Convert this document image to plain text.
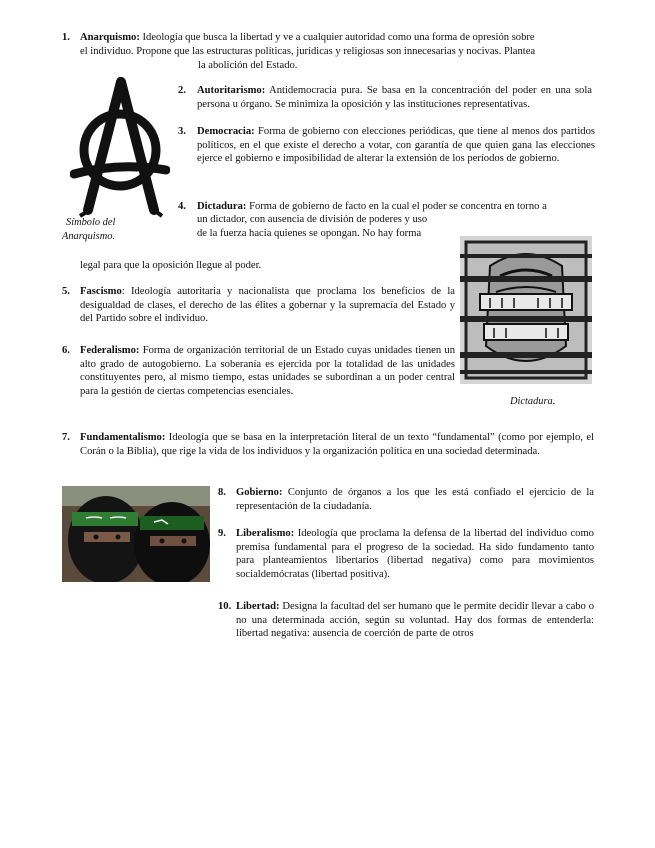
1. Anarquismo: Ideología que busca la libertad y ve a cualquier autoridad como una forma de opresión sobre
el individuo. Propone que las estructuras políticas, jurídicas y religiosas son innecesarias y nocivas. Plantea
la abolición del Estado.
Símbolo del
Anarquismo.
2. Autoritarismo: Antidemocracia pura. Se basa en la concentración del poder en una sola persona u órgano. Se minimiza la oposición y las instituciones representativas.
3. Democracia: Forma de gobierno con elecciones periódicas, que tiene al menos dos partidos políticos, en el que existe el derecho a votar, con garantía de que quien gana las elecciones ejerce el gobierno e imposibilidad de alterar la extensión de los períodos de gobierno.
4. Dictadura: Forma de gobierno de facto en la cual el poder se concentra en torno a
un dictador, con ausencia de división de poderes y uso
de la fuerza hacia quienes se opongan. No hay forma
legal para que la oposición llegue al poder.
Dictadura.
5. Fascismo: Ideología autoritaria y nacionalista que proclama los beneficios de la desigualdad de clases, el derecho de las élites a gobernar y la supremacía del Estado y del Partido sobre el individuo.
6. Federalismo: Forma de organización territorial de un Estado cuyas unidades tienen un alto grado de autogobierno. La soberanía es ejercida por la totalidad de las unidades constituyentes pero, al mismo tiempo, estas unidades se subordinan a un poder central para la gestión de ciertas competencias esenciales.
7. Fundamentalismo: Ideología que se basa en la interpretación literal de un texto “fundamental” (como por ejemplo, el Corán o la Biblia), que rige la vida de los individuos y la organización política en una sociedad determinada.
8. Gobierno: Conjunto de órganos a los que les está confiado el ejercicio de la representación de la ciudadanía.
9. Liberalismo: Ideología que proclama la defensa de la libertad del individuo como premisa fundamental para el progreso de la sociedad. Ha sido fundamento tanto para planteamientos libertarios (libertad negativa) como para movimientos socialdemócratas (libertad positiva).
10. Libertad: Designa la facultad del ser humano que le permite decidir llevar a cabo o no una determinada acción, según su voluntad. Hay dos formas de entenderla: libertad negativa: ausencia de coerción de parte de otros
